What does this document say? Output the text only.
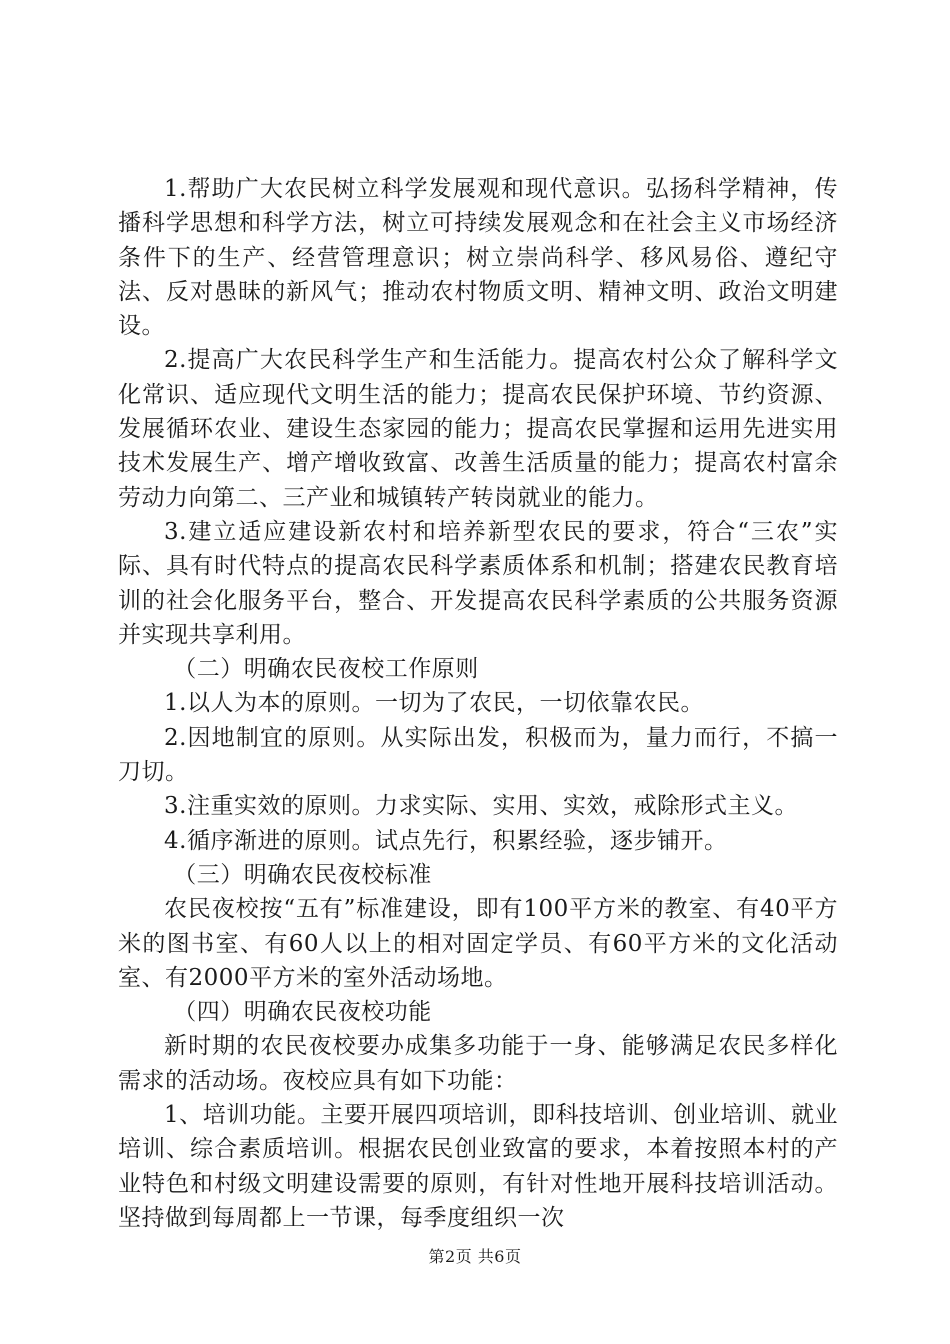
1.帮助广大农民树立科学发展观和现代意识。弘扬科学精神，传播科学思想和科学方法，树立可持续发展观念和在社会主义市场经济条件下的生产、经营管理意识；树立崇尚科学、移风易俗、遵纪守法、反对愚昧的新风气；推动农村物质文明、精神文明、政治文明建设。

2.提高广大农民科学生产和生活能力。提高农村公众了解科学文化常识、适应现代文明生活的能力；提高农民保护环境、节约资源、发展循环农业、建设生态家园的能力；提高农民掌握和运用先进实用技术发展生产、增产增收致富、改善生活质量的能力；提高农村富余劳动力向第二、三产业和城镇转产转岗就业的能力。

3.建立适应建设新农村和培养新型农民的要求，符合“三农”实际、具有时代特点的提高农民科学素质体系和机制；搭建农民教育培训的社会化服务平台，整合、开发提高农民科学素质的公共服务资源并实现共享利用。

（二）明确农民夜校工作原则

1.以人为本的原则。一切为了农民，一切依靠农民。

2.因地制宜的原则。从实际出发，积极而为，量力而行，不搞一刀切。

3.注重实效的原则。力求实际、实用、实效，戒除形式主义。

4.循序渐进的原则。试点先行，积累经验，逐步铺开。

（三）明确农民夜校标准

农民夜校按“五有”标准建设，即有100平方米的教室、有40平方米的图书室、有60人以上的相对固定学员、有60平方米的文化活动室、有2000平方米的室外活动场地。

（四）明确农民夜校功能

新时期的农民夜校要办成集多功能于一身、能够满足农民多样化需求的活动场。夜校应具有如下功能：

1、培训功能。主要开展四项培训，即科技培训、创业培训、就业培训、综合素质培训。根据农民创业致富的要求，本着按照本村的产业特色和村级文明建设需要的原则，有针对性地开展科技培训活动。坚持做到每周都上一节课，每季度组织一次

第2页 共6页
